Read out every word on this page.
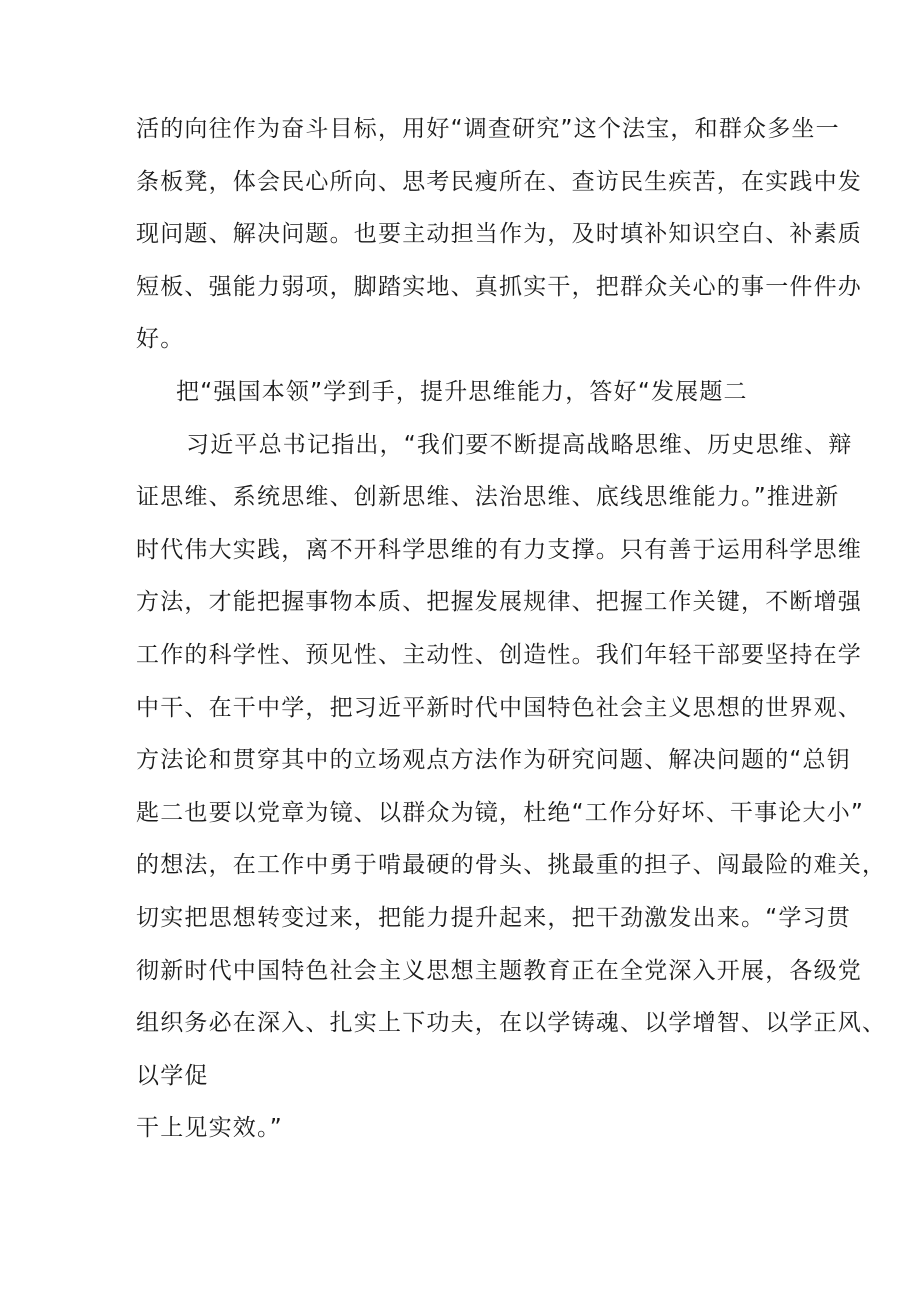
活的向往作为奋斗目标，用好“调查研究”这个法宝，和群众多坐一
条板凳，体会民心所向、思考民瘦所在、查访民生疾苦，在实践中发
现问题、解决问题。也要主动担当作为，及时填补知识空白、补素质
短板、强能力弱项，脚踏实地、真抓实干，把群众关心的事一件件办
好。
把“强国本领”学到手，提升思维能力，答好“发展题二
习近平总书记指出，“我们要不断提高战略思维、历史思维、辩
证思维、系统思维、创新思维、法治思维、底线思维能力。”推进新
时代伟大实践，离不开科学思维的有力支撑。只有善于运用科学思维
方法，才能把握事物本质、把握发展规律、把握工作关键，不断增强
工作的科学性、预见性、主动性、创造性。我们年轻干部要坚持在学
中干、在干中学，把习近平新时代中国特色社会主义思想的世界观、
方法论和贯穿其中的立场观点方法作为研究问题、解决问题的“总钥
匙二也要以党章为镜、以群众为镜，杜绝“工作分好坏、干事论大小”
的想法，在工作中勇于啃最硬的骨头、挑最重的担子、闯最险的难关，
切实把思想转变过来，把能力提升起来，把干劲激发出来。“学习贯
彻新时代中国特色社会主义思想主题教育正在全党深入开展，各级党
组织务必在深入、扎实上下功夫，在以学铸魂、以学增智、以学正风、
以学促
干上见实效。”
